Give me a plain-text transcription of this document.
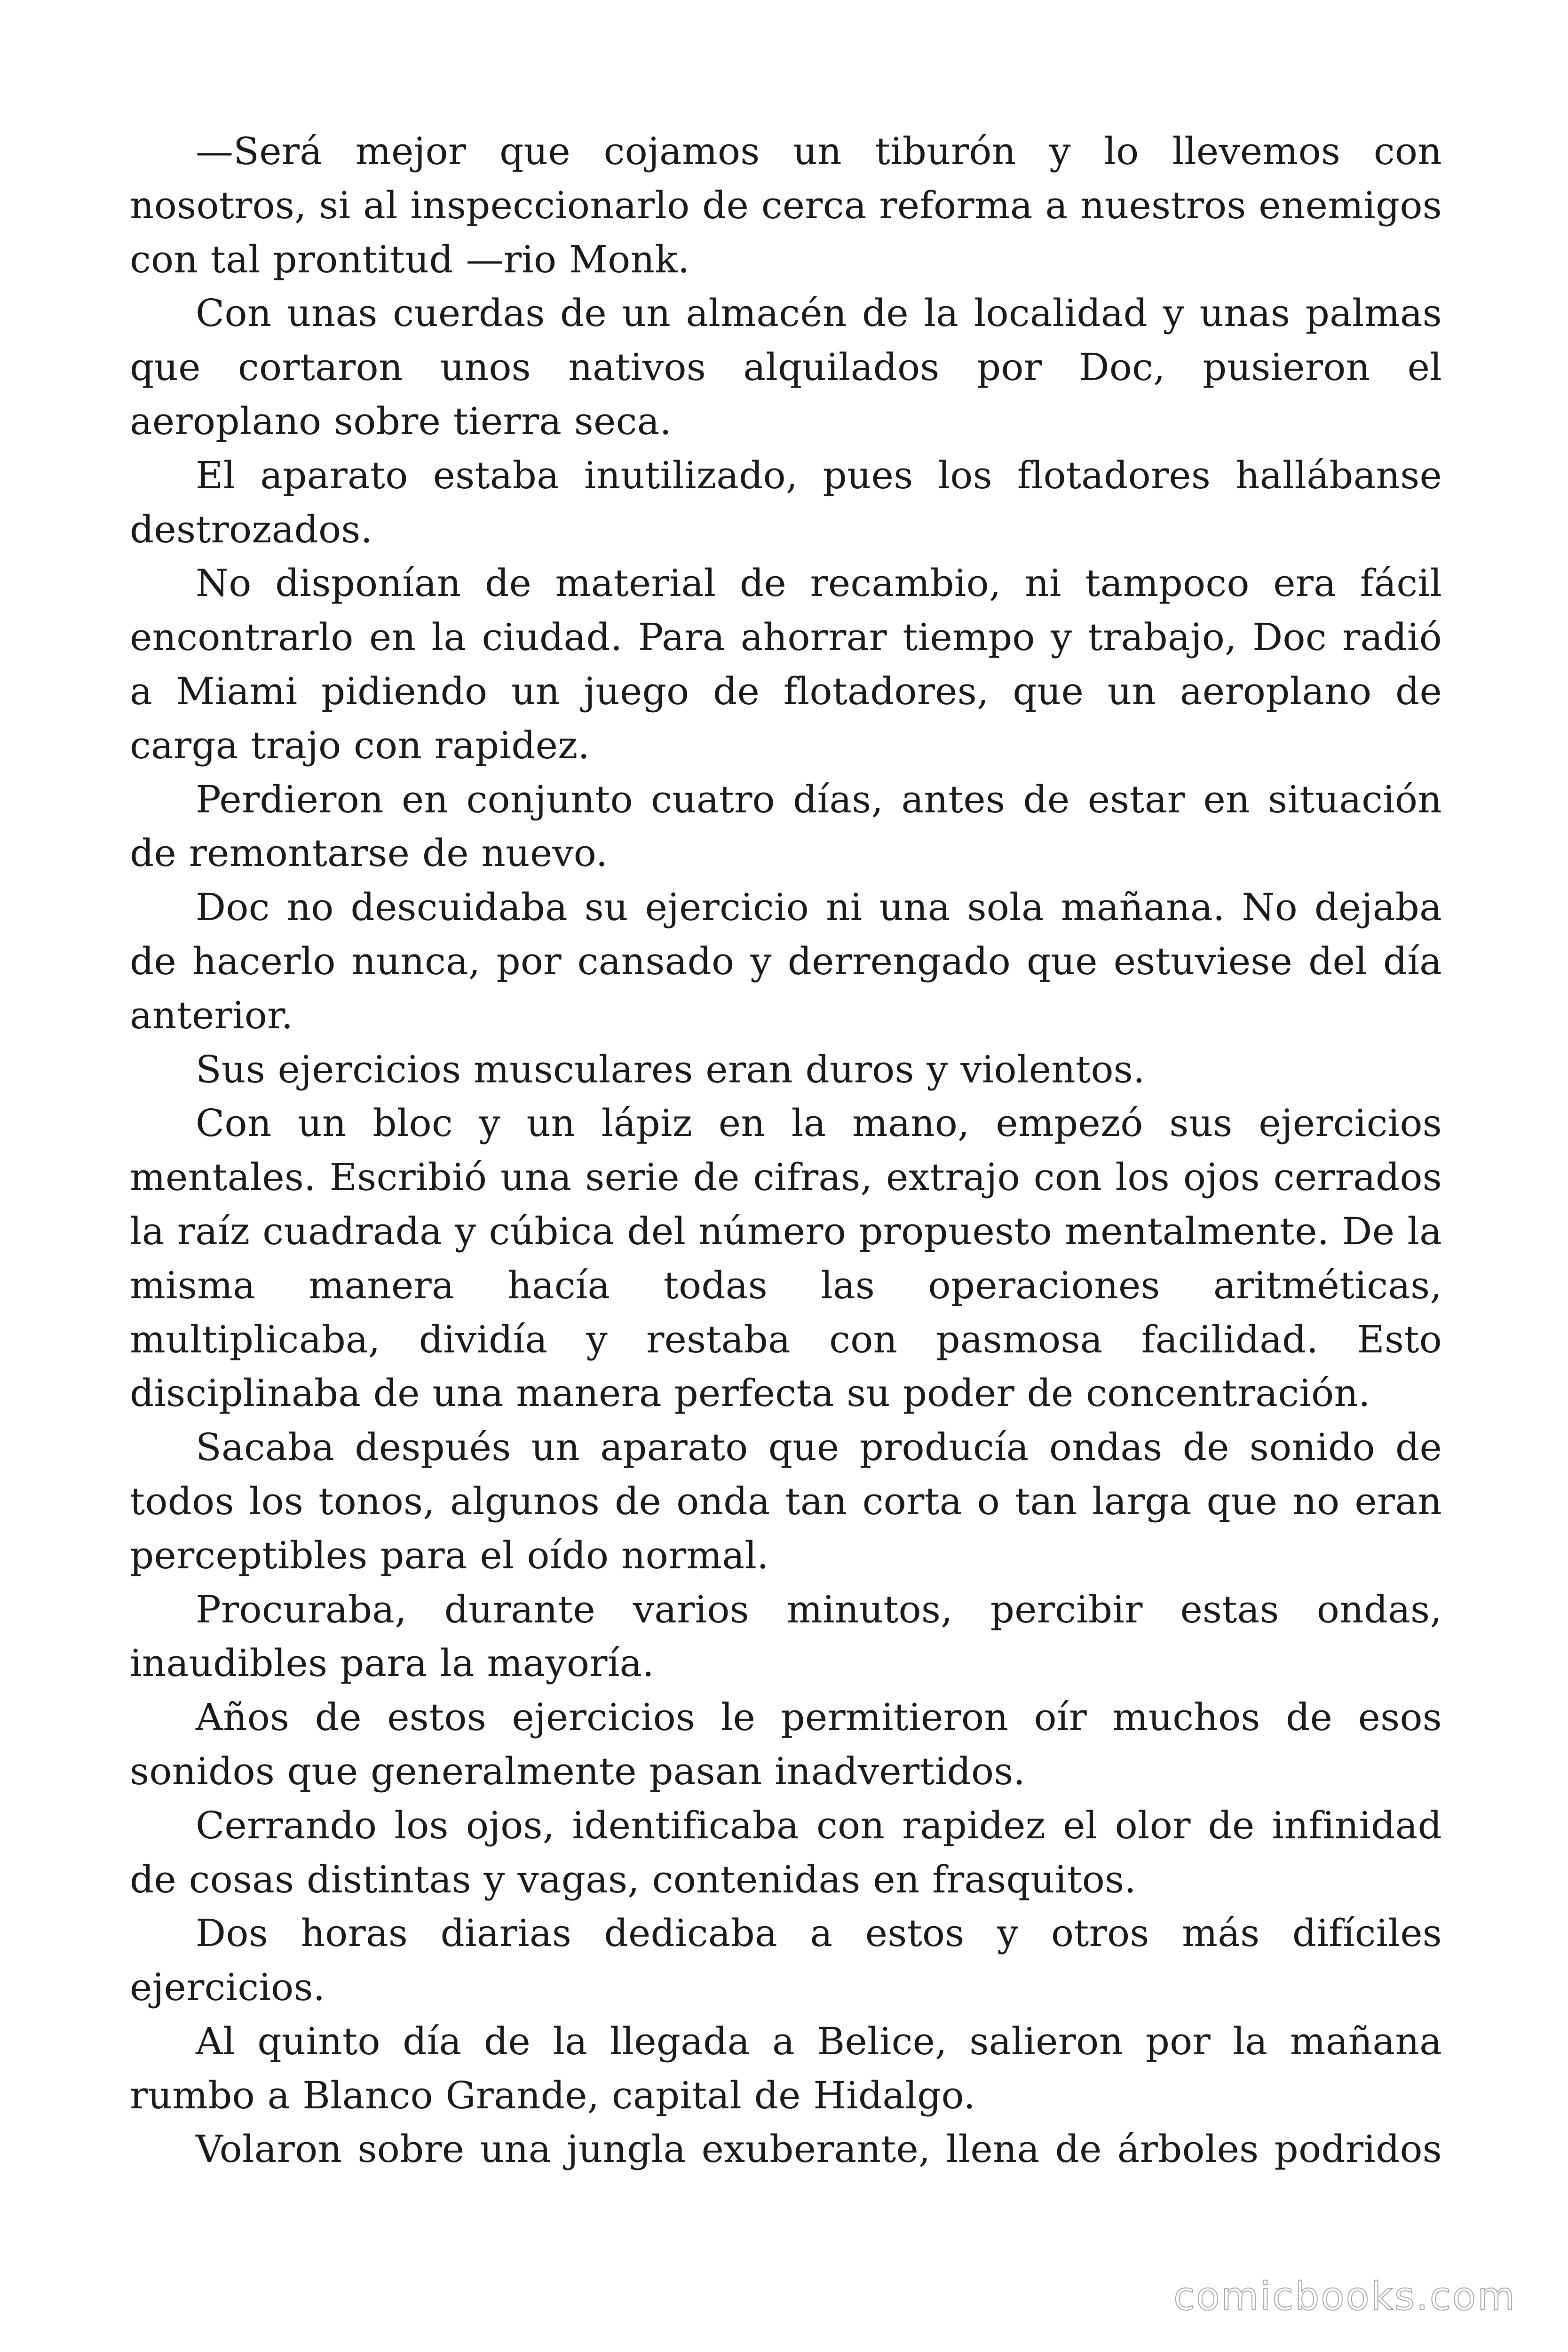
—Será mejor que cojamos un tiburón y lo llevemos con nosotros, si al inspeccionarlo de cerca reforma a nuestros enemigos con tal prontitud —rio Monk.

Con unas cuerdas de un almacén de la localidad y unas palmas que cortaron unos nativos alquilados por Doc, pusieron el aeroplano sobre tierra seca.

El aparato estaba inutilizado, pues los flotadores hallábanse destrozados.

No disponían de material de recambio, ni tampoco era fácil encontrarlo en la ciudad. Para ahorrar tiempo y trabajo, Doc radió a Miami pidiendo un juego de flotadores, que un aeroplano de carga trajo con rapidez.

Perdieron en conjunto cuatro días, antes de estar en situación de remontarse de nuevo.

Doc no descuidaba su ejercicio ni una sola mañana. No dejaba de hacerlo nunca, por cansado y derrengado que estuviese del día anterior.

Sus ejercicios musculares eran duros y violentos.

Con un bloc y un lápiz en la mano, empezó sus ejercicios mentales. Escribió una serie de cifras, extrajo con los ojos cerrados la raíz cuadrada y cúbica del número propuesto mentalmente. De la misma manera hacía todas las operaciones aritméticas, multiplicaba, dividía y restaba con pasmosa facilidad. Esto disciplinaba de una manera perfecta su poder de concentración.

Sacaba después un aparato que producía ondas de sonido de todos los tonos, algunos de onda tan corta o tan larga que no eran perceptibles para el oído normal.

Procuraba, durante varios minutos, percibir estas ondas, inaudibles para la mayoría.

Años de estos ejercicios le permitieron oír muchos de esos sonidos que generalmente pasan inadvertidos.

Cerrando los ojos, identificaba con rapidez el olor de infinidad de cosas distintas y vagas, contenidas en frasquitos.

Dos horas diarias dedicaba a estos y otros más difíciles ejercicios.

Al quinto día de la llegada a Belice, salieron por la mañana rumbo a Blanco Grande, capital de Hidalgo.

Volaron sobre una jungla exuberante, llena de árboles podridos

comicbooks.com
